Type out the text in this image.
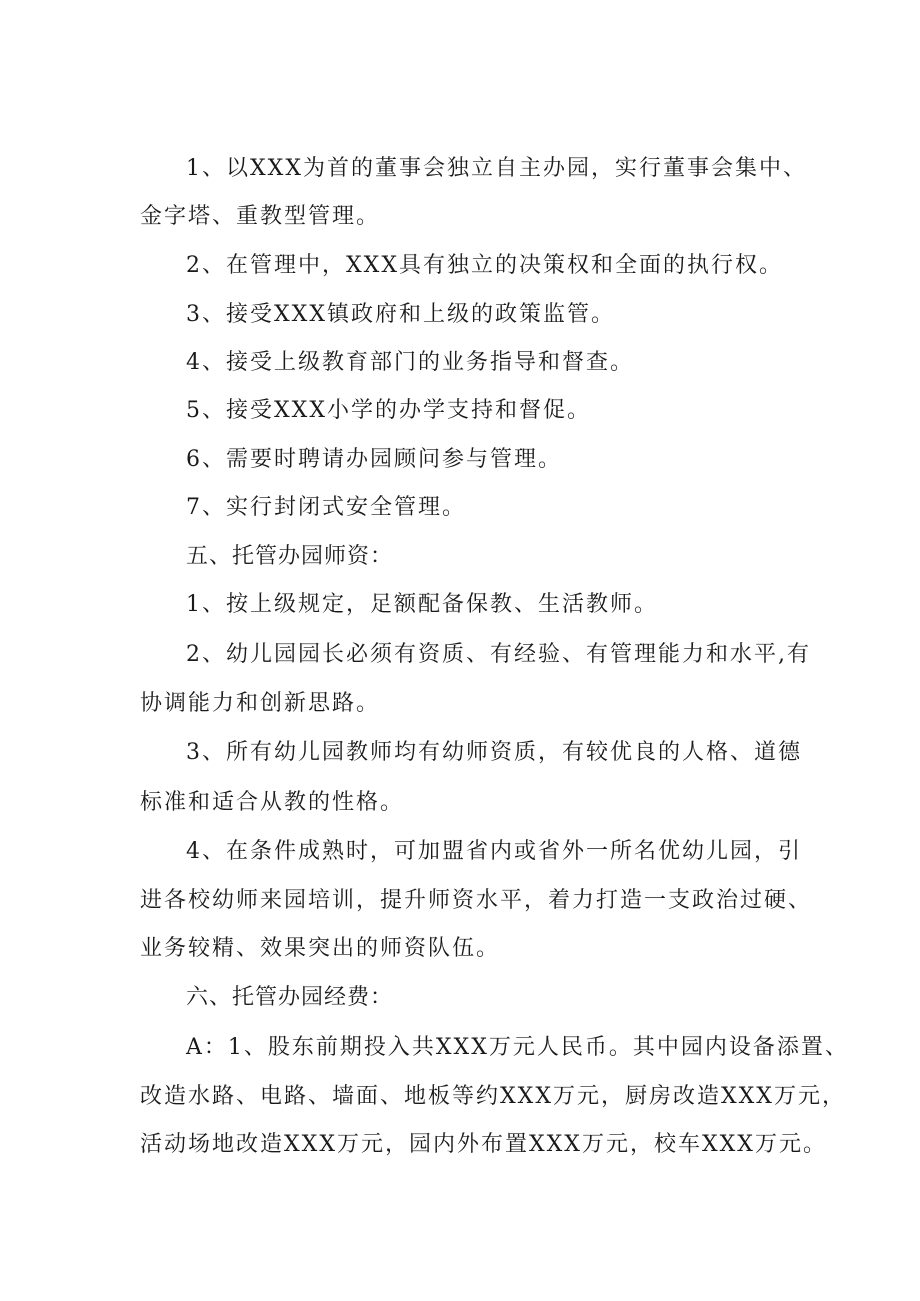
1、以XXX为首的董事会独立自主办园，实行董事会集中、
金字塔、重教型管理。
2、在管理中，XXX具有独立的决策权和全面的执行权。
3、接受XXX镇政府和上级的政策监管。
4、接受上级教育部门的业务指导和督查。
5、接受XXX小学的办学支持和督促。
6、需要时聘请办园顾问参与管理。
7、实行封闭式安全管理。
五、托管办园师资：
1、按上级规定，足额配备保教、生活教师。
2、幼儿园园长必须有资质、有经验、有管理能力和水平,有
协调能力和创新思路。
3、所有幼儿园教师均有幼师资质，有较优良的人格、道德
标准和适合从教的性格。
4、在条件成熟时，可加盟省内或省外一所名优幼儿园，引
进各校幼师来园培训，提升师资水平，着力打造一支政治过硬、
业务较精、效果突出的师资队伍。
六、托管办园经费：
A：1、股东前期投入共XXX万元人民币。其中园内设备添置、
改造水路、电路、墙面、地板等约XXX万元，厨房改造XXX万元，
活动场地改造XXX万元，园内外布置XXX万元，校车XXX万元。
